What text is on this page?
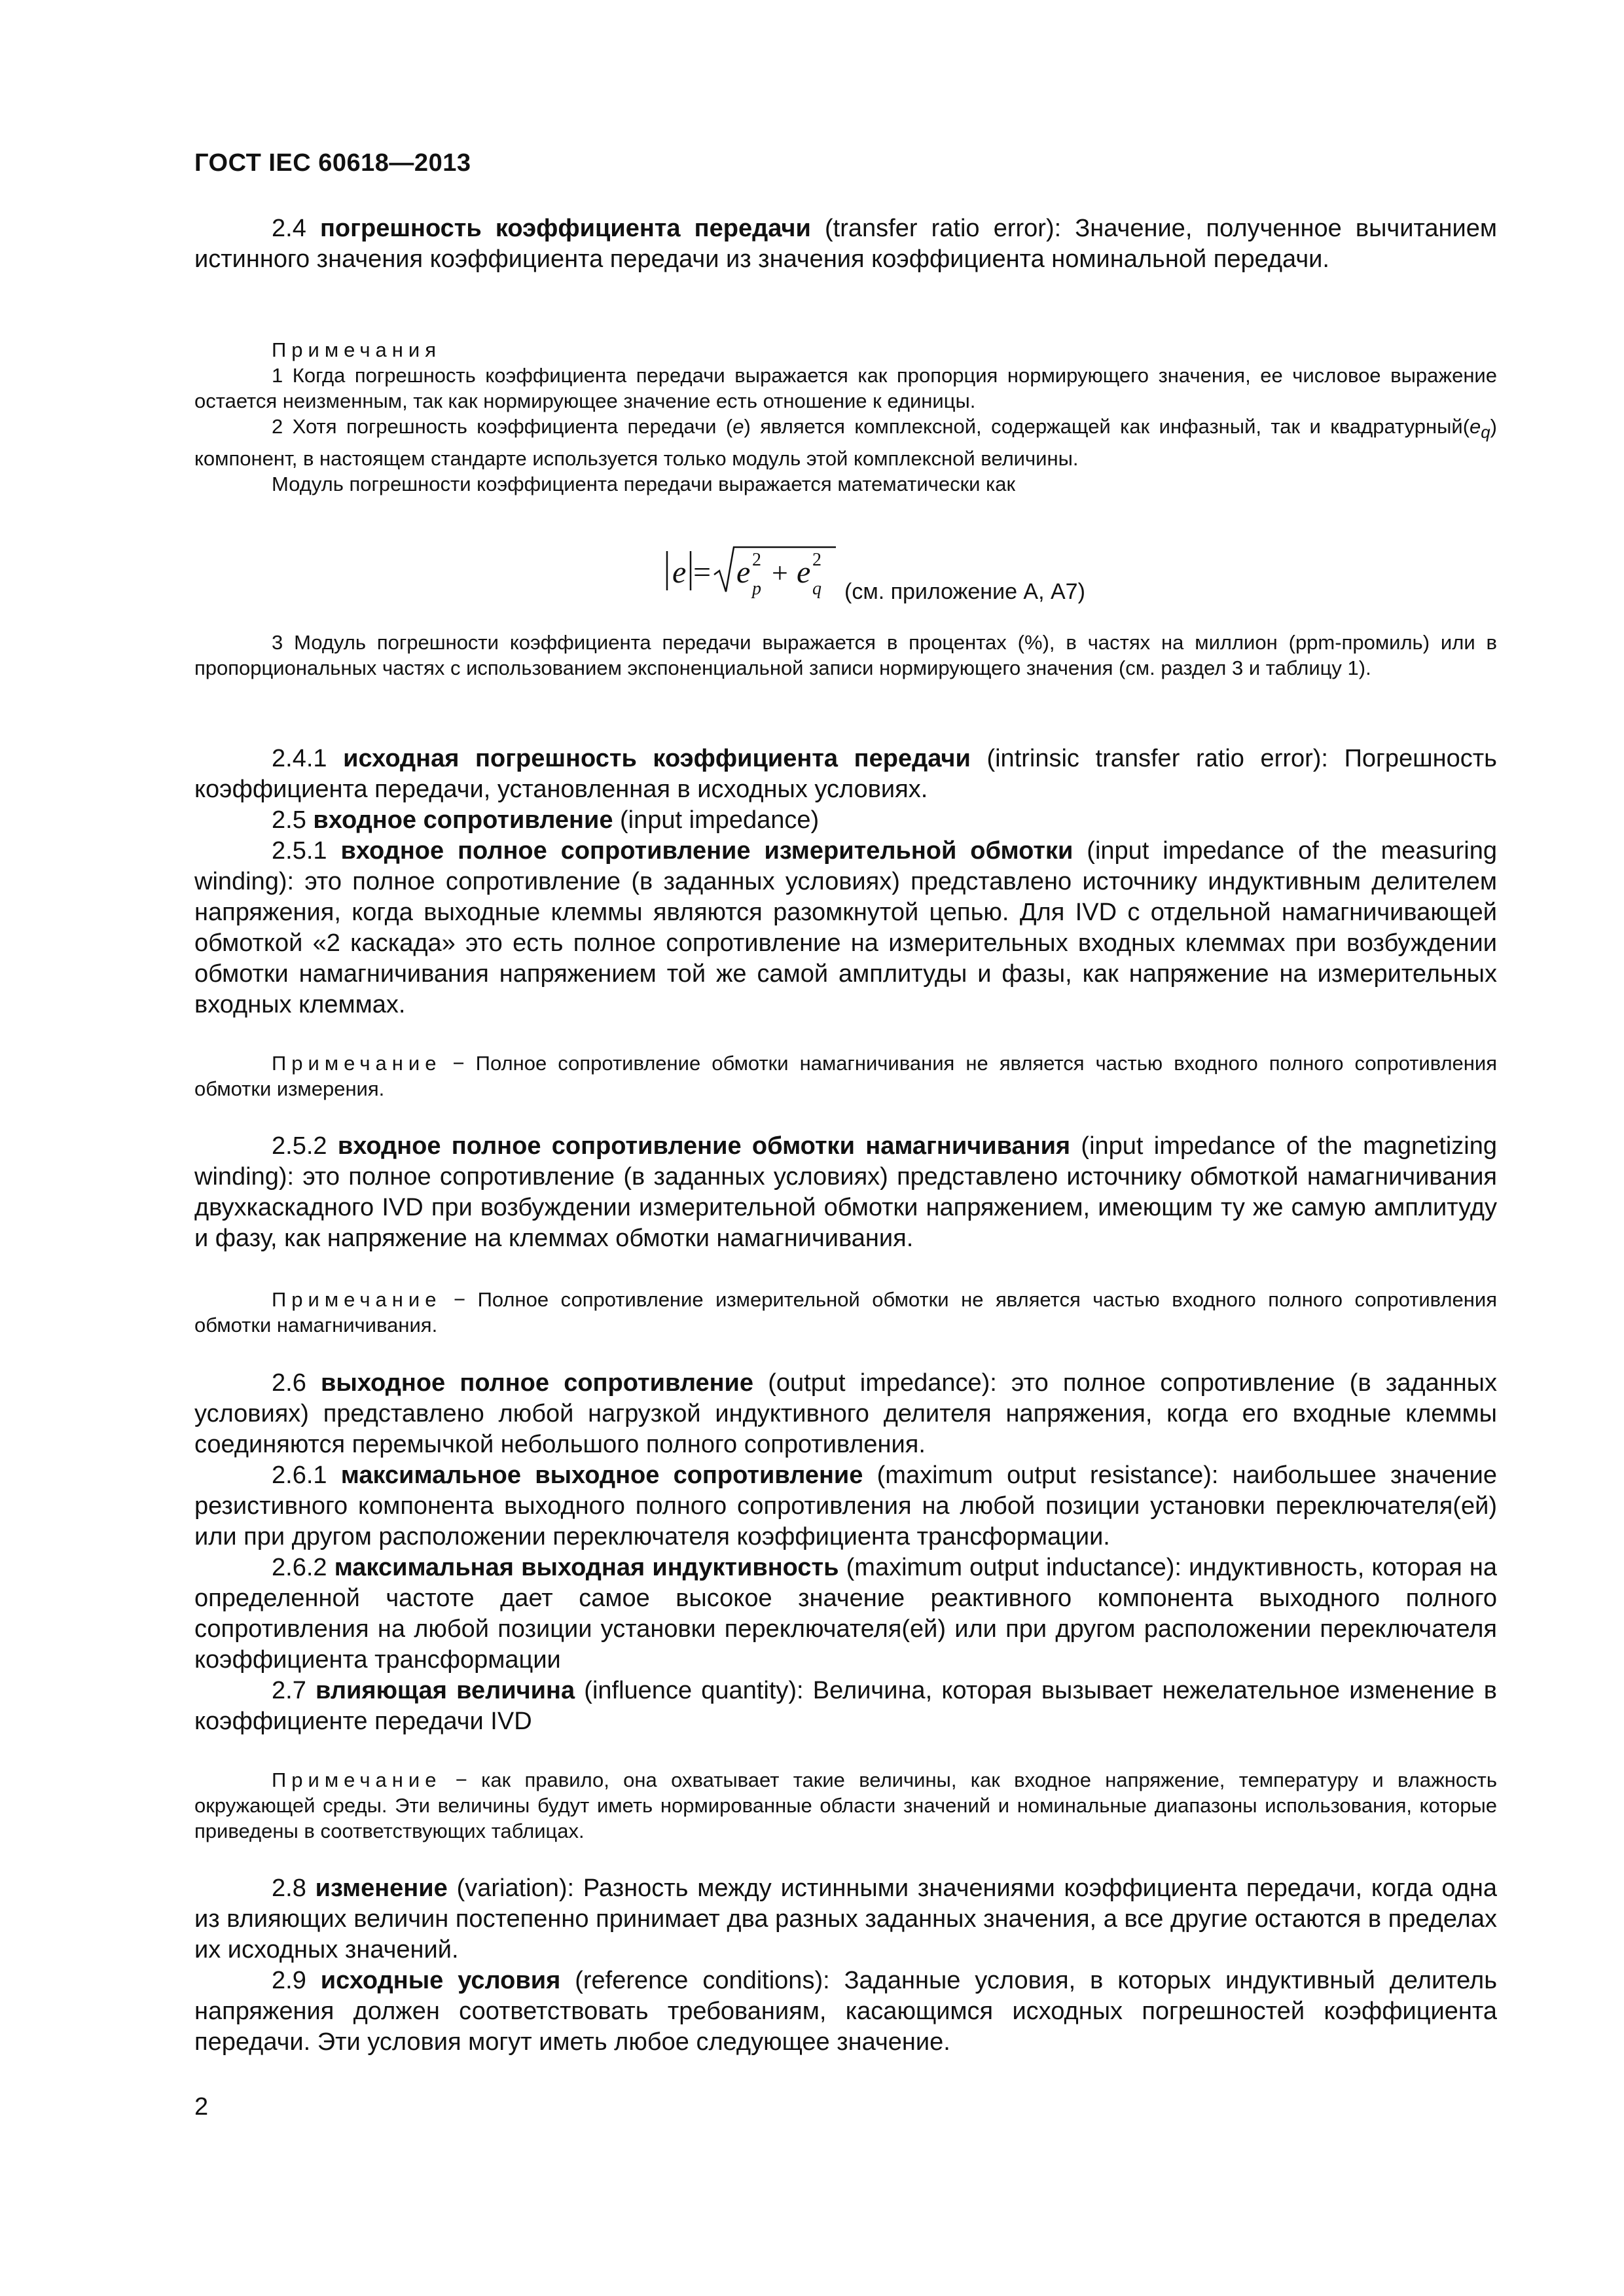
ГОСТ IEC 60618—2013
2.4 погрешность коэффициента передачи (transfer ratio error): Значение, полученное вычитанием истинного значения коэффициента передачи из значения коэффициента номинальной передачи.
Примечания
1 Когда погрешность коэффициента передачи выражается как пропорция нормирующего значения, ее числовое выражение остается неизменным, так как нормирующее значение есть отношение к единицы.
2 Хотя погрешность коэффициента передачи (e) является комплексной, содержащей как инфазный, так и $квадратурный(e_q)$ компонент, в настоящем стандарте используется только модуль этой комплексной величины.
Модуль погрешности коэффициента передачи выражается математически как
e = e 2
p + e 2
q (см. приложение А, А7)
3 Модуль погрешности коэффициента передачи выражается в процентах (%), в частях на миллион (ppm-промиль) или в пропорциональных частях с использованием экспоненциальной записи нормирующего значения (см. раздел 3 и таблицу 1).
2.4.1 исходная погрешность коэффициента передачи (intrinsic transfer ratio error): Погрешность коэффициента передачи, установленная в исходных условиях.
2.5 входное сопротивление (input impedance)
2.5.1 входное полное сопротивление измерительной обмотки (input impedance of the measuring winding): это полное сопротивление (в заданных условиях) представлено источнику индуктивным делителем напряжения, когда выходные клеммы являются разомкнутой цепью. Для IVD с отдельной намагничивающей обмоткой «2 каскада» это есть полное сопротивление на измерительных входных клеммах при возбуждении обмотки намагничивания напряжением той же самой амплитуды и фазы, как напряжение на измерительных входных клеммах.
Примечание − Полное сопротивление обмотки намагничивания не является частью входного полного сопротивления обмотки измерения.
2.5.2 входное полное сопротивление обмотки намагничивания (input impedance of the magnetizing winding): это полное сопротивление (в заданных условиях) представлено источнику обмоткой намагничивания двухкаскадного IVD при возбуждении измерительной обмотки напряжением, имеющим ту же самую амплитуду и фазу, как напряжение на клеммах обмотки намагничивания.
Примечание − Полное сопротивление измерительной обмотки не является частью входного полного сопротивления обмотки намагничивания.
2.6 выходное полное сопротивление (output impedance): это полное сопротивление (в заданных условиях) представлено любой нагрузкой индуктивного делителя напряжения, когда его входные клеммы соединяются перемычкой небольшого полного сопротивления.
2.6.1 максимальное выходное сопротивление (maximum output resistance): наибольшее значение резистивного компонента выходного полного сопротивления на любой позиции установки переключателя(ей) или при другом расположении переключателя коэффициента трансформации.
2.6.2 максимальная выходная индуктивность (maximum output inductance): индуктивность, которая на определенной частоте дает самое высокое значение реактивного компонента выходного полного сопротивления на любой позиции установки переключателя(ей) или при другом расположении переключателя коэффициента трансформации
2.7 влияющая величина (influence quantity): Величина, которая вызывает нежелательное изменение в коэффициенте передачи IVD
Примечание − как правило, она охватывает такие величины, как входное напряжение, температуру и влажность окружающей среды. Эти величины будут иметь нормированные области значений и номинальные диапазоны использования, которые приведены в соответствующих таблицах.
2.8 изменение (variation): Разность между истинными значениями коэффициента передачи, когда одна из влияющих величин постепенно принимает два разных заданных значения, а все другие остаются в пределах их исходных значений.
2.9 исходные условия (reference conditions): Заданные условия, в которых индуктивный делитель напряжения должен соответствовать требованиям, касающимся исходных погрешностей коэффициента передачи. Эти условия могут иметь любое следующее значение.
2
